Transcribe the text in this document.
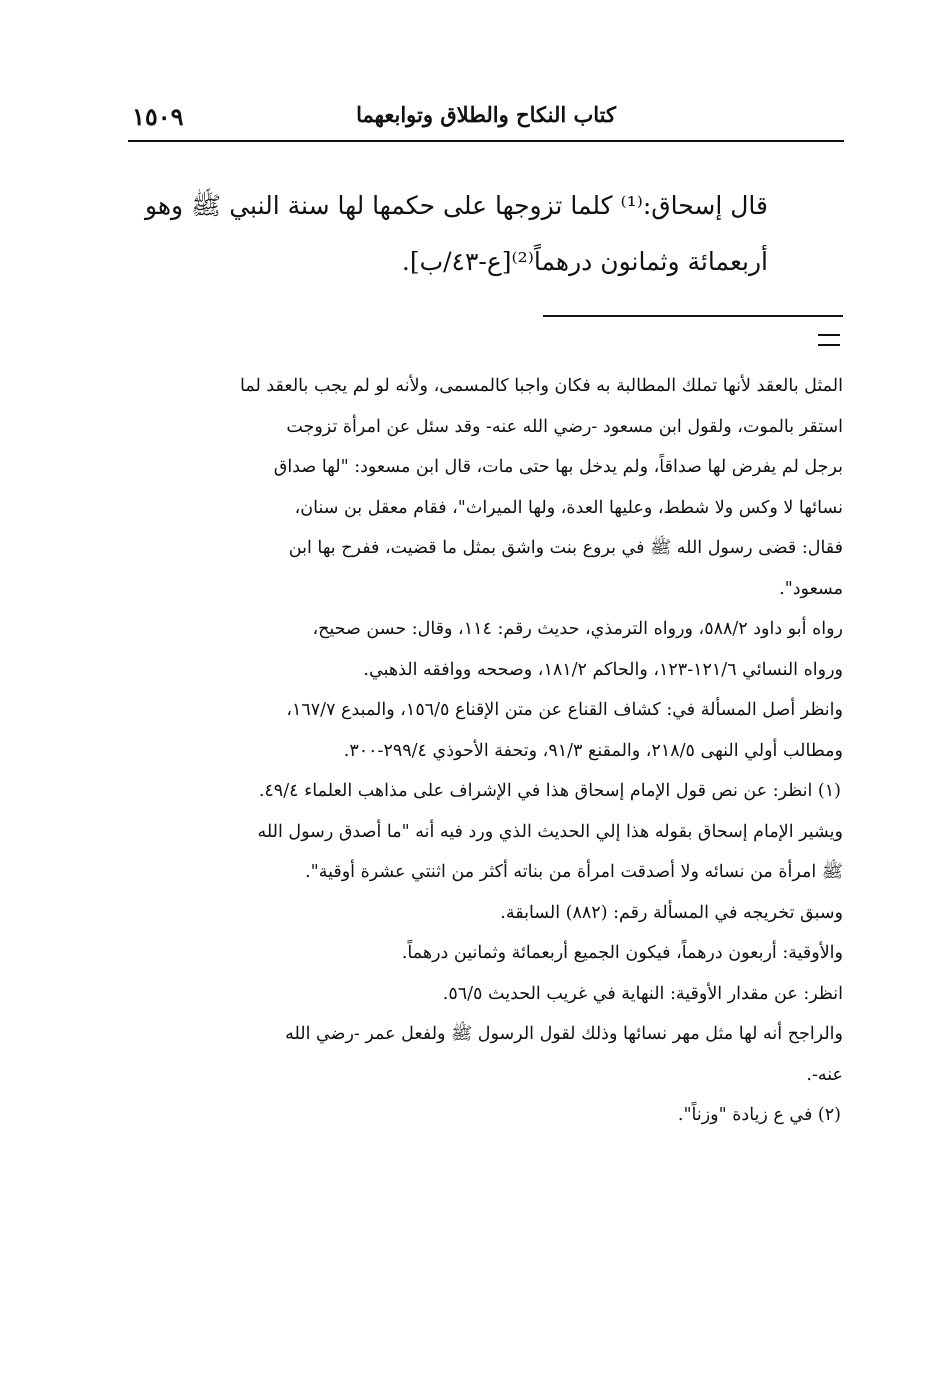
١٥٠٩	كتاب النكاح والطلاق وتوابعهما

قال إسحاق:⁽¹⁾ كلما تزوجها على حكمها لها سنة النبي ﷺ وهو

أربعمائة وثمانون درهماً⁽²⁾[ع-٤٣/ب].

المثل بالعقد لأنها تملك المطالبة به فكان واجبا كالمسمى، ولأنه لو لم يجب بالعقد لما

استقر بالموت، ولقول ابن مسعود -رضي الله عنه- وقد سئل عن امرأة تزوجت

برجل لم يفرض لها صداقاً، ولم يدخل بها حتى مات، قال ابن مسعود: "لها صداق

نسائها لا وكس ولا شطط، وعليها العدة، ولها الميراث"، فقام معقل بن سنان،

فقال: قضى رسول الله ﷺ في بروع بنت واشق بمثل ما قضيت، ففرح بها ابن

مسعود".

رواه أبو داود ٥٨٨/٢، ورواه الترمذي، حديث رقم: ١١٤، وقال: حسن صحيح،

ورواه النسائي ١٢١/٦-١٢٣، والحاكم ١٨١/٢، وصححه ووافقه الذهبي.

وانظر أصل المسألة في: كشاف القناع عن متن الإقناع ١٥٦/٥، والمبدع ١٦٧/٧،

ومطالب أولي النهى ٢١٨/٥، والمقنع ٩١/٣، وتحفة الأحوذي ٢٩٩/٤-٣٠٠.

(١) انظر: عن نص قول الإمام إسحاق هذا في الإشراف على مذاهب العلماء ٤٩/٤.

ويشير الإمام إسحاق بقوله هذا إلي الحديث الذي ورد فيه أنه "ما أصدق رسول الله

ﷺ امرأة من نسائه ولا أصدقت امرأة من بناته أكثر من اثنتي عشرة أوقية".

وسبق تخريجه في المسألة رقم: (٨٨٢) السابقة.

والأوقية: أربعون درهماً، فيكون الجميع أربعمائة وثمانين درهماً.

انظر: عن مقدار الأوقية: النهاية في غريب الحديث ٥٦/٥.

والراجح أنه لها مثل مهر نسائها وذلك لقول الرسول ﷺ ولفعل عمر -رضي الله

عنه-.

(٢) في ع زيادة "وزناً".
